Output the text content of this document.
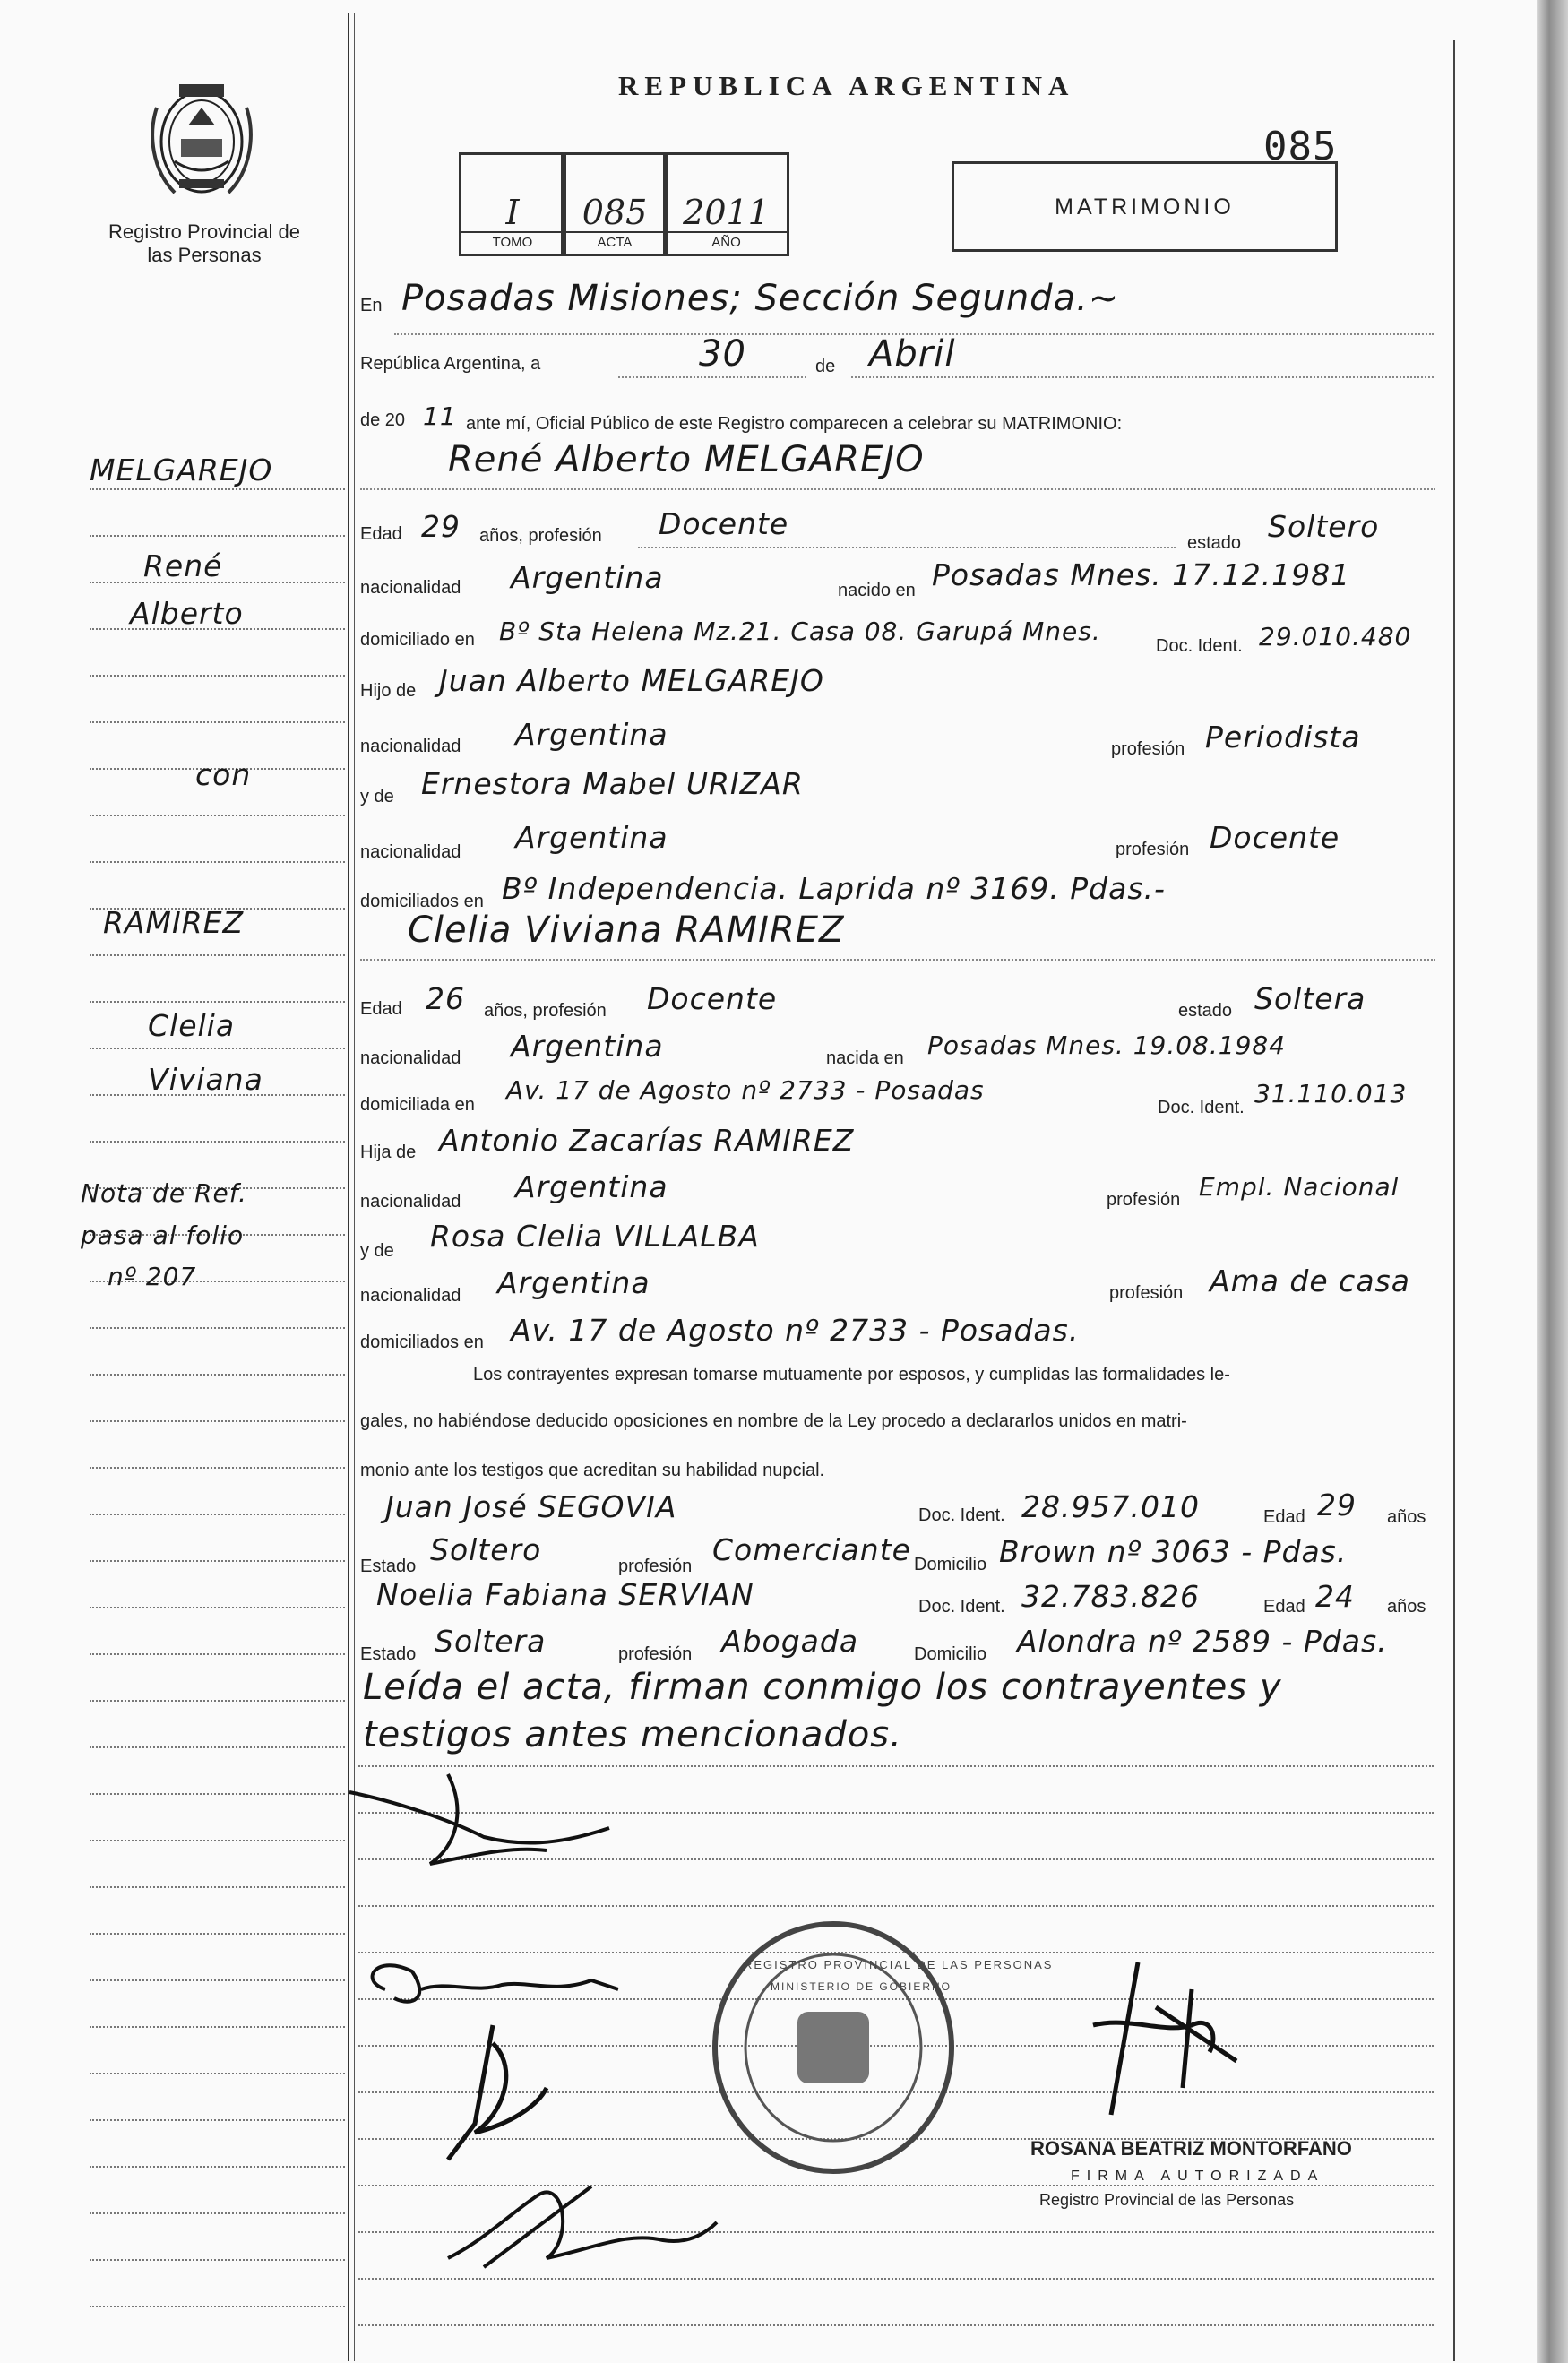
Registro Provincial de las Personas
REPUBLICA ARGENTINA
085
I
TOMO
085
ACTA
2011
AÑO
MATRIMONIO
MELGAREJO
René
Alberto
con
RAMIREZ
Clelia
Viviana
Nota de Ref.
pasa al folio
nº 207
En Posadas Misiones; Sección Segunda.~
República Argentina, a	30	de Abril
de 20 11 ante mí, Oficial Público de este Registro comparecen a celebrar su MATRIMONIO:
René Alberto MELGAREJO
Edad 29 años, profesión Docente
estado Soltero
nacionalidad Argentina	nacido en Posadas Mnes. 17.12.1981
domiciliado en Bº Sta Helena Mz.21. Casa 08. Garupá Mnes.	Doc. Ident. 29.010.480
Hijo de Juan Alberto MELGAREJO
nacionalidad Argentina	profesión Periodista
y de Ernestora Mabel URIZAR
nacionalidad Argentina	profesión Docente
domiciliados en Bº Independencia. Laprida nº 3169. Pdas.-
Clelia Viviana RAMIREZ
Edad 26 años, profesión Docente	estado Soltera
nacionalidad Argentina	nacida en Posadas Mnes. 19.08.1984
domiciliada en Av. 17 de Agosto nº 2733 - Posadas
Doc. Ident. 31.110.013
Hija de Antonio Zacarías RAMIREZ
nacionalidad Argentina	profesión Empl. Nacional
y de Rosa Clelia VILLALBA
nacionalidad Argentina	profesión Ama de casa
domiciliados en Av. 17 de Agosto nº 2733 - Posadas.
Los contrayentes expresan tomarse mutuamente por esposos, y cumplidas las formalidades le-
gales, no habiéndose deducido oposiciones en nombre de la Ley procedo a declararlos unidos en matri-
monio ante los testigos que acreditan su habilidad nupcial.
Juan José SEGOVIA	Doc. Ident. 28.957.010	Edad 29 años
Estado Soltero	profesión Comerciante Domicilio Brown nº 3063 - Pdas.
Noelia Fabiana SERVIAN	Doc. Ident. 32.783.826	Edad 24 años
Estado Soltera	profesión Abogada	Domicilio Alondra nº 2589 - Pdas.
Leída el acta, firman conmigo los contrayentes y
testigos antes mencionados.
REGISTRO PROVINCIAL DE LAS PERSONAS
MINISTERIO DE GOBIERNO
ROSANA BEATRIZ MONTORFANO
FIRMA AUTORIZADA
Registro Provincial de las Personas
